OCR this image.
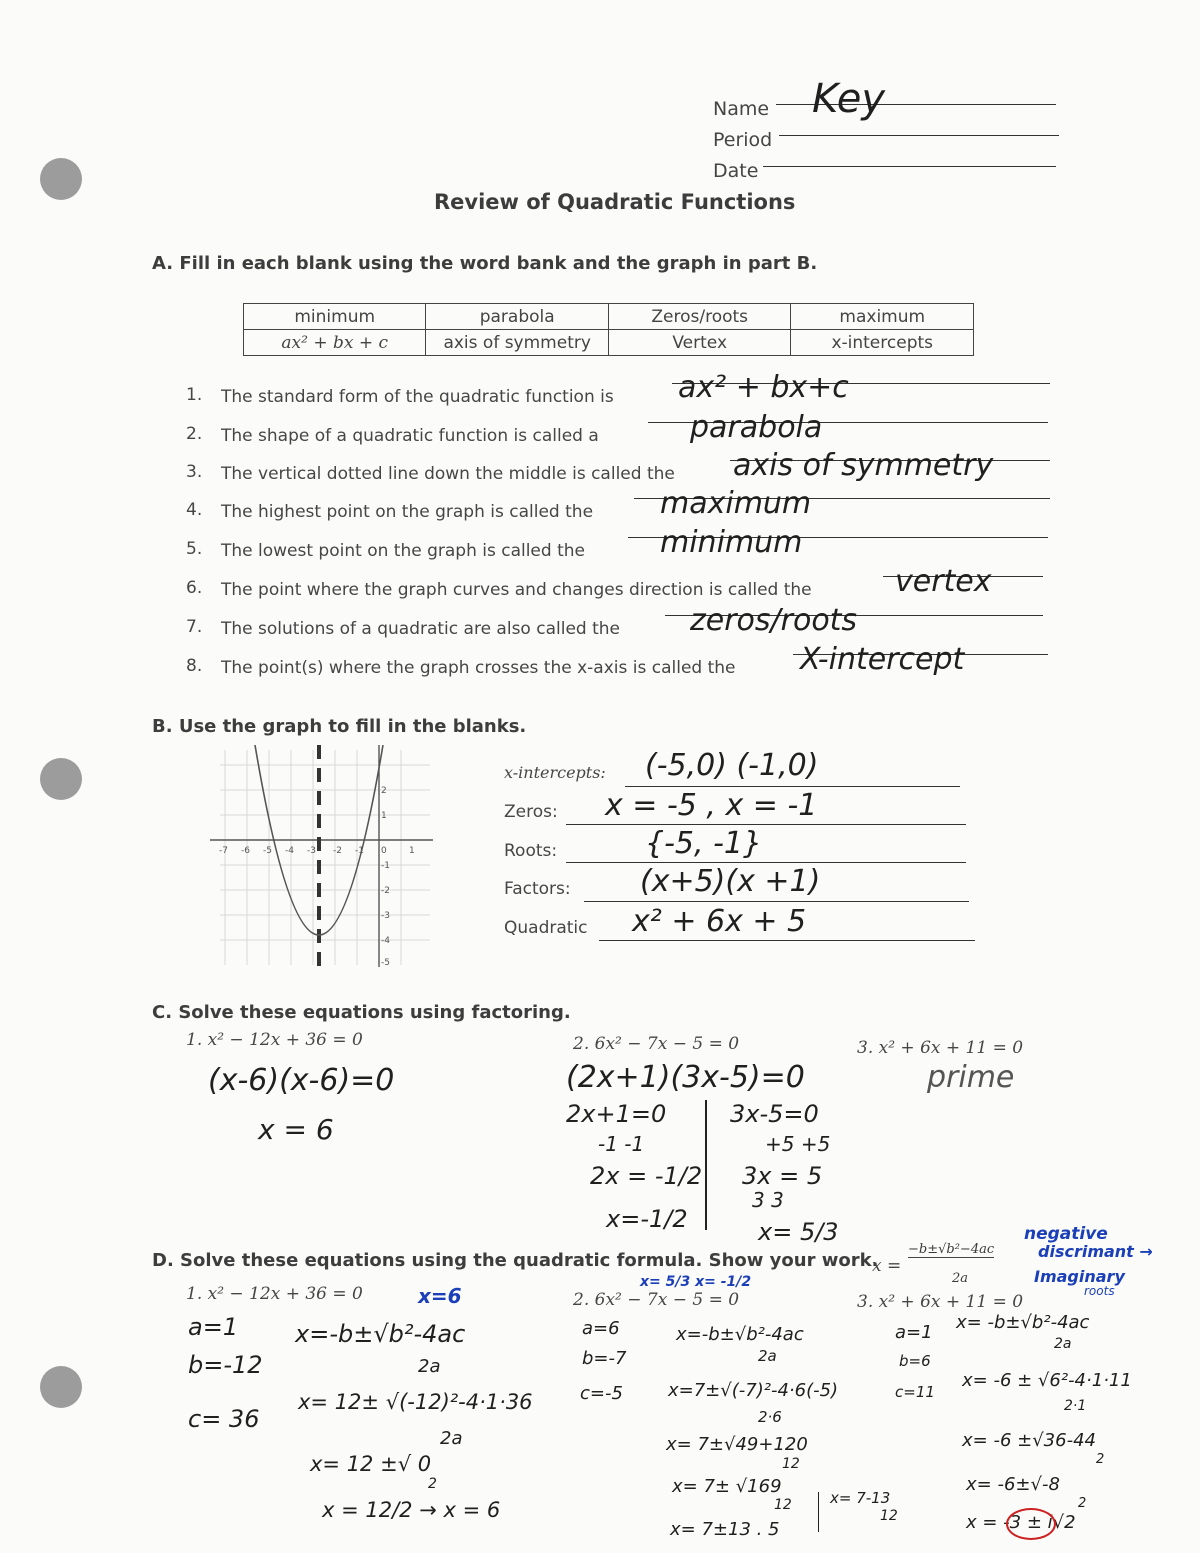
Name Key
Period
Date
Review of Quadratic Functions
A. Fill in each blank using the word bank and the graph in part B.
minimum	parabola	Zeros/roots	maximum
ax² + bx + c	axis of symmetry	Vertex	x-intercepts
1. The standard form of the quadratic function is ax² + bx+c
2. The shape of a quadratic function is called a	parabola
3. The vertical dotted line down the middle is called the axis of symmetry
4. The highest point on the graph is called the maximum
5. The lowest point on the graph is called the	minimum
6. The point where the graph curves and changes direction is called the	vertex
7. The solutions of a quadratic are also called the zeros/roots
8. The point(s) where the graph crosses the x-axis is called the X-intercept
B. Use the graph to fill in the blanks.
-7 -6 -5 -4 -3 -2 -1 0 1
2
1
-1
-2
-3
-4
-5
x-intercepts: (-5,0) (-1,0)
Zeros: x = -5 , x = -1
Roots:	{-5, -1}
Factors: (x+5)(x +1)
Quadratic x² + 6x + 5
C. Solve these equations using factoring.
1. x² − 12x + 36 = 0
(x-6)(x-6)=0
x = 6
2. 6x² − 7x − 5 = 0
(2x+1)(3x-5)=0
2x+1=0
-1 -1
2x = -1/2
x=-1/2
3x-5=0
+5 +5
3x = 5
3 3
x= 5/3
3. x² + 6x + 11 = 0
prime
D. Solve these equations using the quadratic formula. Show your work.
x =
−b±√b²−4ac
2a
negative
discrimant →
Imaginary
roots
1. x² − 12x + 36 = 0	x=6
a=1
b=-12
c= 36
x=-b±√b²-4ac
2a
x= 12± √(-12)²-4·1·36
2a
x= 12 ±√ 0
2
x = 12/2 → x = 6
2. 6x² − 7x − 5 = 0
x= 5/3 x= -1/2
a=6
b=-7
c=-5
x=-b±√b²-4ac
2a
x=7±√(-7)²-4·6(-5)
2·6
x= 7±√49+120
12
x= 7± √169
12
x= 7±13 . 5
x= 7-13
12
3. x² + 6x + 11 = 0
a=1
b=6
c=11
x= -b±√b²-4ac
2a
x= -6 ± √6²-4·1·11
2·1
x= -6 ±√36-44
2
x= -6±√-8
2
x = -3 ± i√2
